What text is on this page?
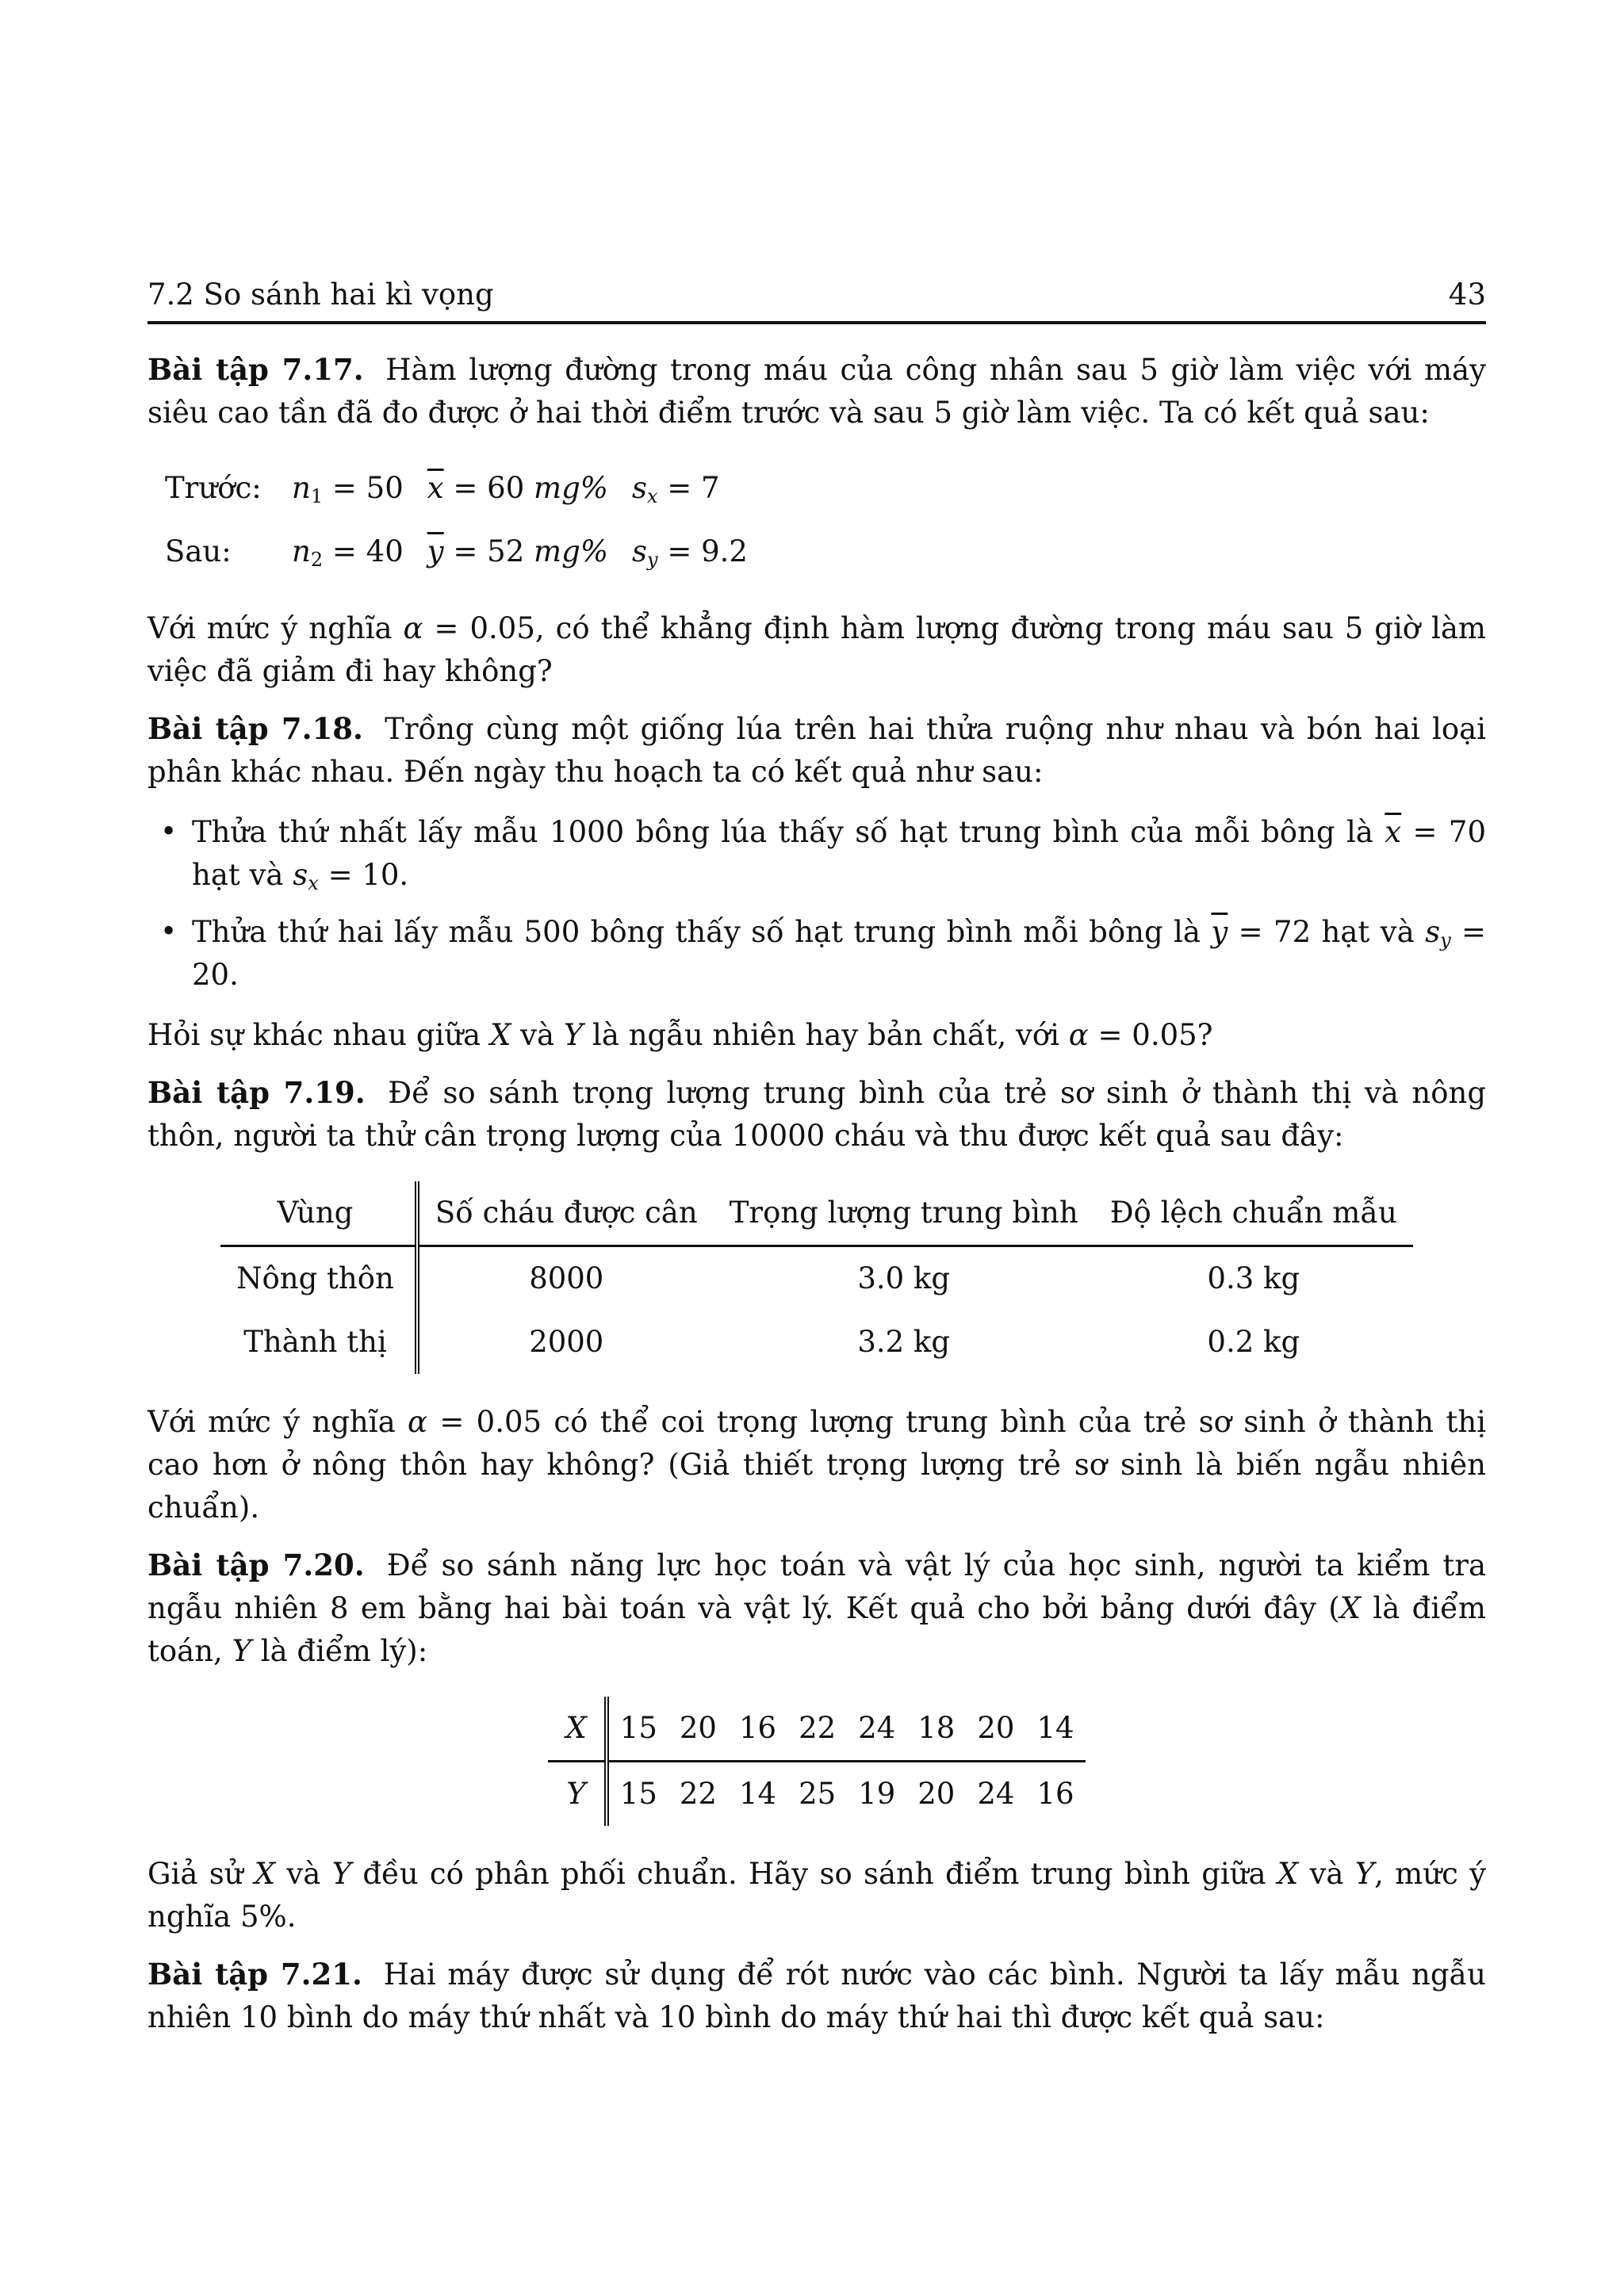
7.2 So sánh hai kì vọng	43

Bài tập 7.17. Hàm lượng đường trong máu của công nhân sau 5 giờ làm việc với máy siêu cao tần đã đo được ở hai thời điểm trước và sau 5 giờ làm việc. Ta có kết quả sau:

Trước:	$n_1 = 50$	$\overline{x} = 60$ mg%	$s_x = 7$
Sau:	$n_2 = 40$	$\overline{y} = 52$ mg%	$s_y = 9.2$

Với mức ý nghĩa α = 0.05, có thể khẳng định hàm lượng đường trong máu sau 5 giờ làm việc đã giảm đi hay không?

Bài tập 7.18. Trồng cùng một giống lúa trên hai thửa ruộng như nhau và bón hai loại phân khác nhau. Đến ngày thu hoạch ta có kết quả như sau:

• Thửa thứ nhất lấy mẫu 1000 bông lúa thấy số hạt trung bình của mỗi bông là $\overline{x} = 70$ hạt và $s_x = 10$.
• Thửa thứ hai lấy mẫu 500 bông thấy số hạt trung bình mỗi bông là $\overline{y} = 72$ hạt và $s_y = 20$.

Hỏi sự khác nhau giữa X và Y là ngẫu nhiên hay bản chất, với α = 0.05?

Bài tập 7.19. Để so sánh trọng lượng trung bình của trẻ sơ sinh ở thành thị và nông thôn, người ta thử cân trọng lượng của 10000 cháu và thu được kết quả sau đây:

Vùng	Số cháu được cân	Trọng lượng trung bình	Độ lệch chuẩn mẫu
Nông thôn	8000	3.0 kg	0.3 kg
Thành thị	2000	3.2 kg	0.2 kg

Với mức ý nghĩa α = 0.05 có thể coi trọng lượng trung bình của trẻ sơ sinh ở thành thị cao hơn ở nông thôn hay không? (Giả thiết trọng lượng trẻ sơ sinh là biến ngẫu nhiên chuẩn).

Bài tập 7.20. Để so sánh năng lực học toán và vật lý của học sinh, người ta kiểm tra ngẫu nhiên 8 em bằng hai bài toán và vật lý. Kết quả cho bởi bảng dưới đây (X là điểm toán, Y là điểm lý):

X	15	20	16	22	24	18	20	14
Y	15	22	14	25	19	20	24	16

Giả sử X và Y đều có phân phối chuẩn. Hãy so sánh điểm trung bình giữa X và Y, mức ý nghĩa 5%.

Bài tập 7.21. Hai máy được sử dụng để rót nước vào các bình. Người ta lấy mẫu ngẫu nhiên 10 bình do máy thứ nhất và 10 bình do máy thứ hai thì được kết quả sau:
